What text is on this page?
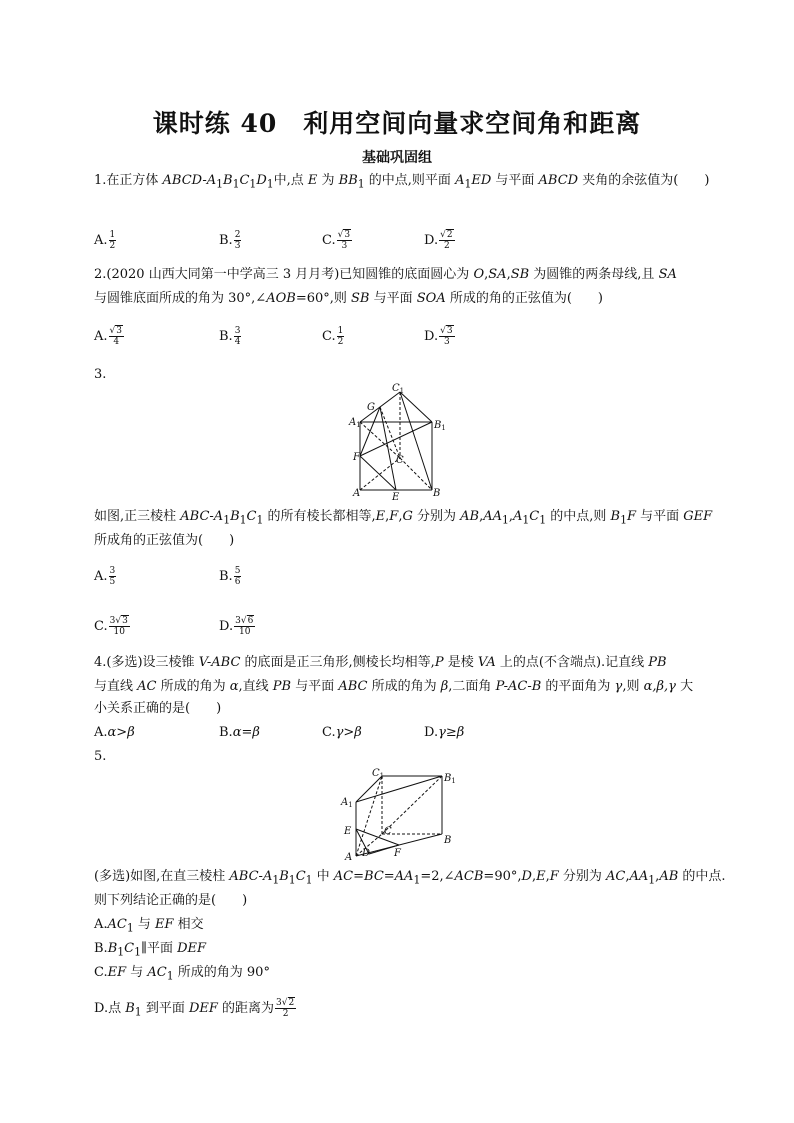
课时练 40　利用空间向量求空间角和距离
基础巩固组
1.在正方体 ABCD-$A_1B_1C_1D_1$中,点 E 为 $BB_1$ 的中点,则平面 $A_1ED$ 与平面 ABCD 夹角的余弦值为(　　)
A. $\frac{1}{2}$	B. $\frac{2}{3}$	C. $\frac{√3}{3}$	D. $\frac{√2}{2}$
2.(2020 山西大同第一中学高三 3 月月考)已知圆锥的底面圆心为 O,SA,SB 为圆锥的两条母线,且 SA
与圆锥底面所成的角为 30°,∠AOB=60°,则 SB 与平面 SOA 所成的角的正弦值为(　　)
A. $\frac{√3}{4}$	B. $\frac{3}{4}$	C. $\frac{1}{2}$	D. $\frac{√3}{3}$
3.
$C_1$
$A_1$	$B_1$
G
F	C
A	E	B
如图,正三棱柱 ABC-$A_1B_1C_1$ 的所有棱长都相等,E,F,G 分别为 $AB,AA_1,A_1C_1$ 的中点,则 $B_1F$ 与平面 GEF
所成角的正弦值为(　　)
A. $\frac{3}{5}$	B. $\frac{5}{6}$
C. $\frac{3√3}{10}$	D. $\frac{3√6}{10}$
4.(多选)设三棱锥 V-ABC 的底面是正三角形,侧棱长均相等,P 是棱 VA 上的点(不含端点).记直线 PB
与直线 AC 所成的角为 α,直线 PB 与平面 ABC 所成的角为 β,二面角 P-AC-B 的平面角为 γ,则 α,β,γ 大
小关系正确的是(　　)
A.α>β	B.α=β	C.γ>β	D.γ≥β
5.
$C_1$	$B_1$
$A_1$
E	C
B
A D F
(多选)如图,在直三棱柱 ABC-$A_1B_1C_1$ 中 $AC=BC=AA_1=2,\angle ACB=90^\circ,D,E,F$ 分别为 $AC,AA_1,AB$ 的中点.
则下列结论正确的是(　　)
$A.AC_1$ 与 EF 相交
$B.B_1C_1\parallel$平面 DEF
C.EF 与 $AC_1$ 所成的角为 90°
D.点 $B_1$ 到平面 DEF 的距离为 $\frac{3√2}{2}$
